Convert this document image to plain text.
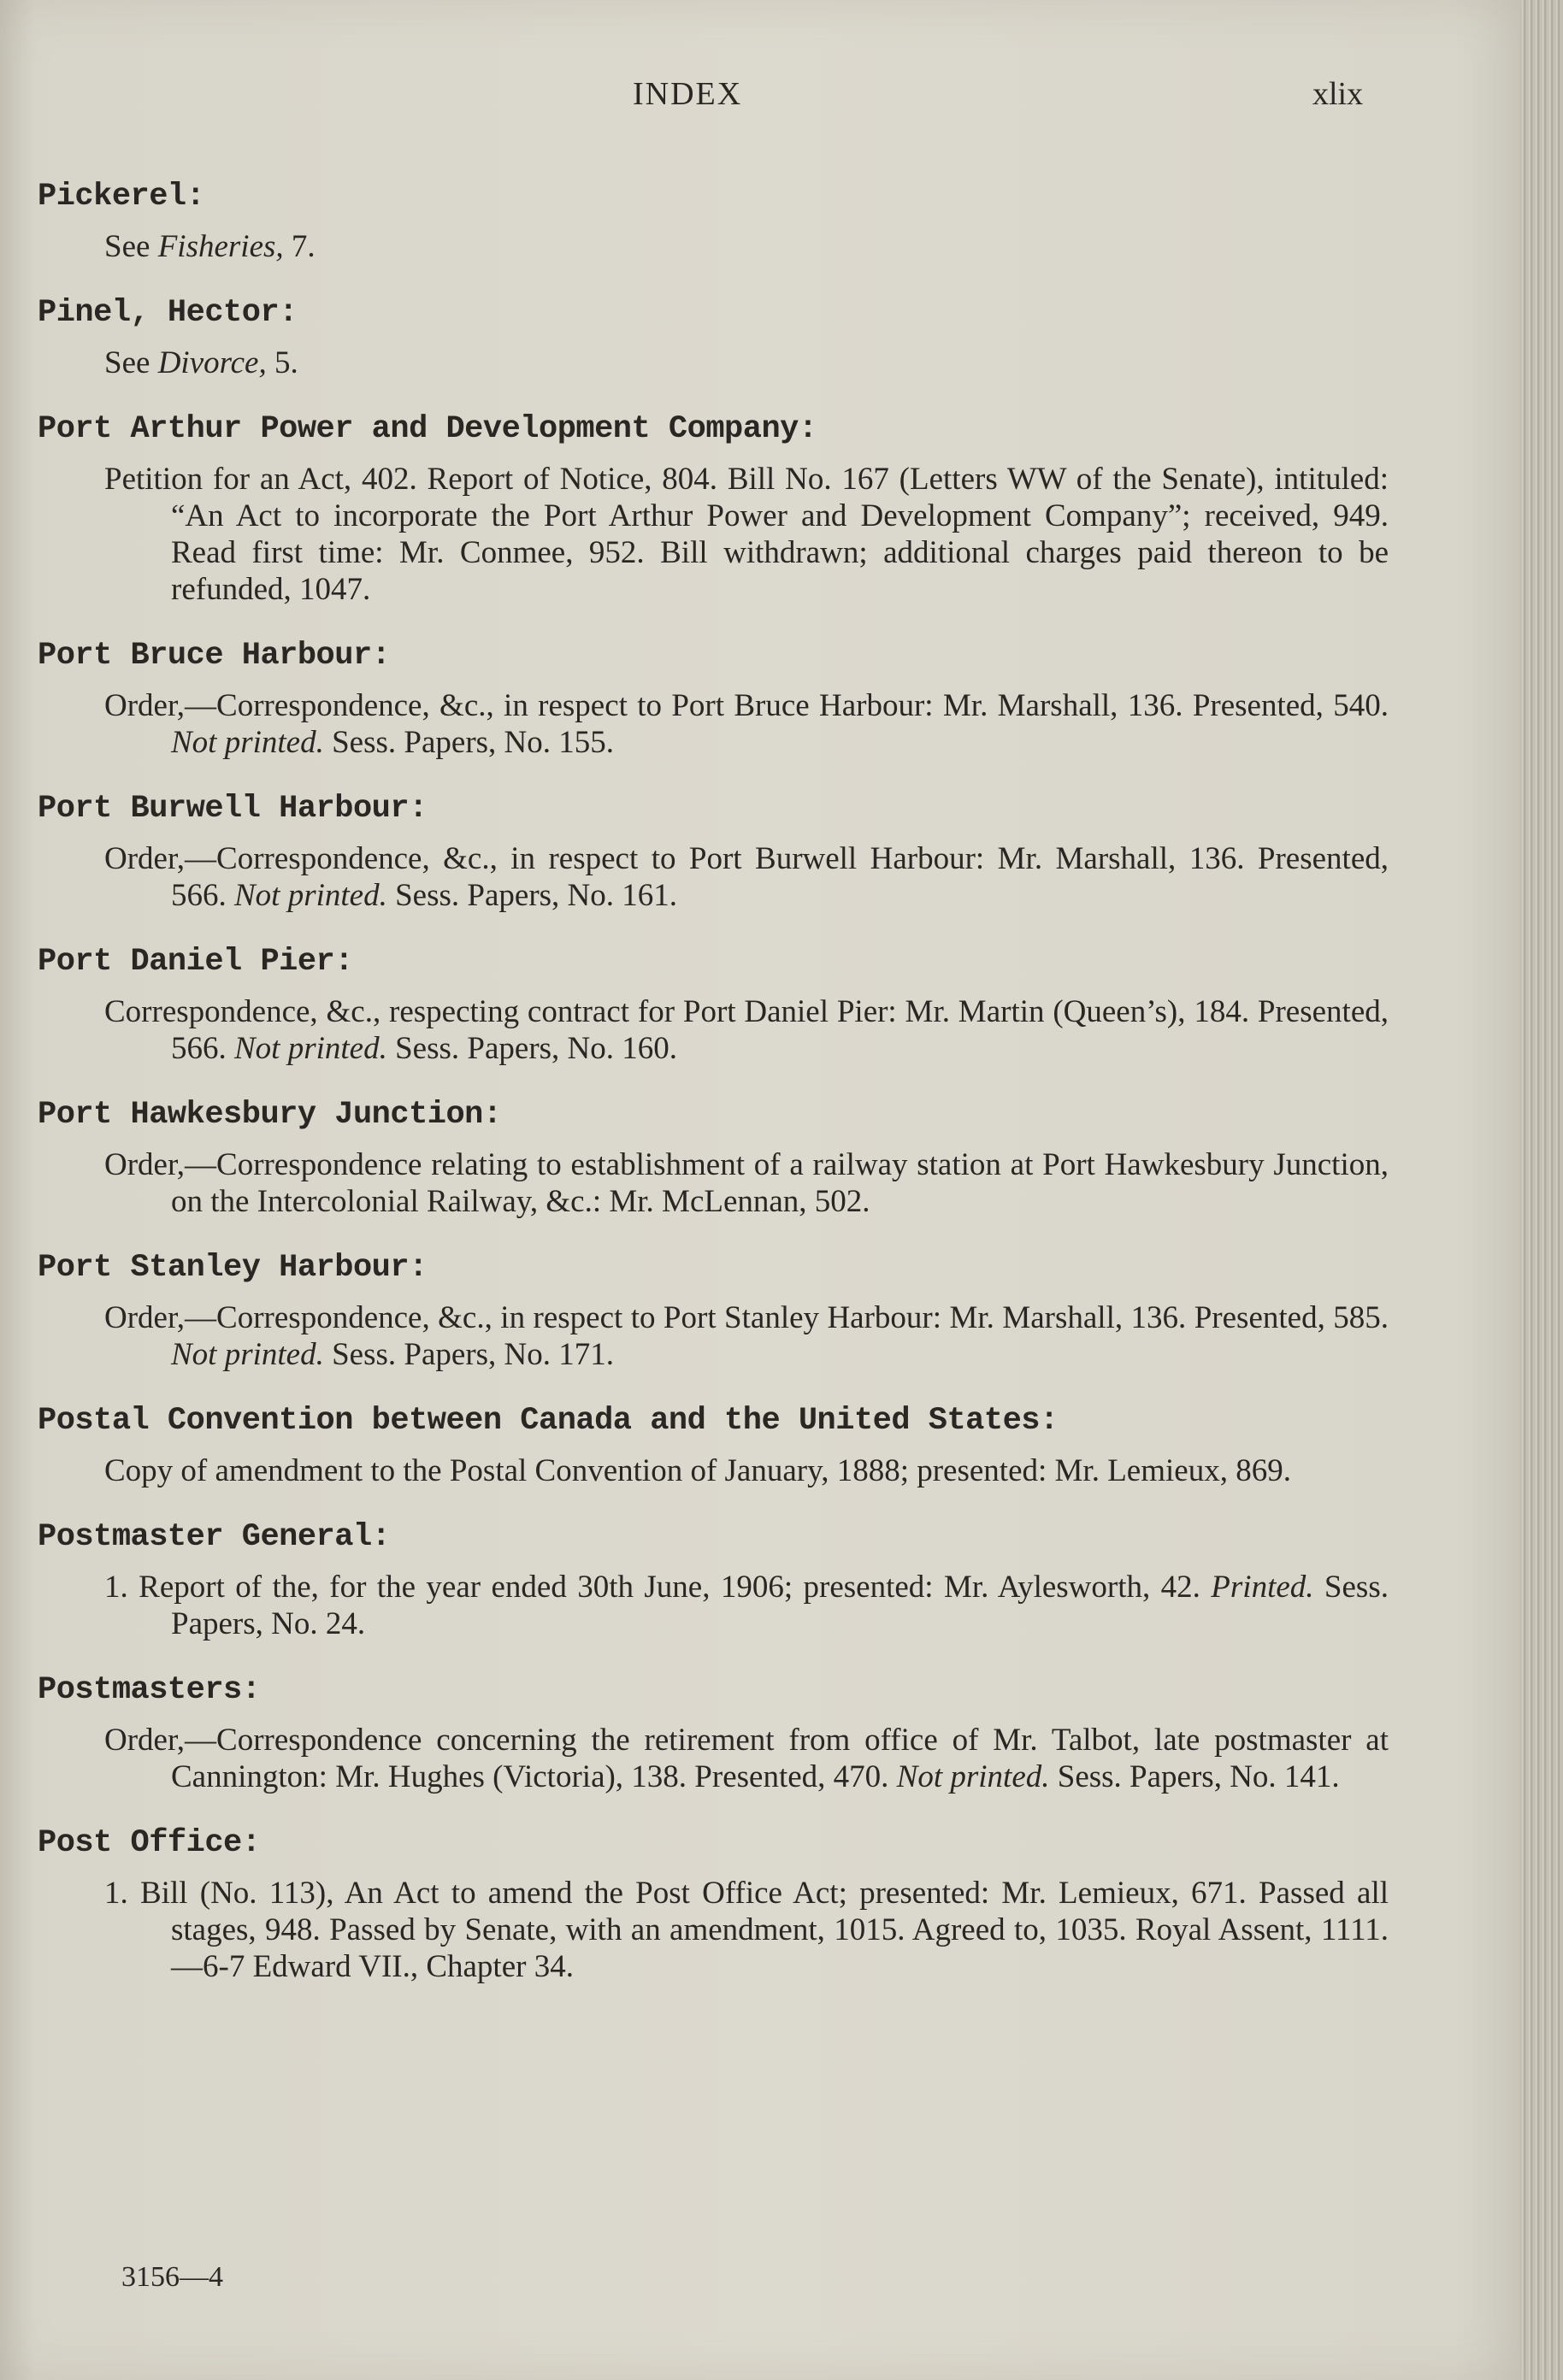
INDEX	xlix

Pickerel:

See Fisheries, 7.

Pinel, Hector:

See Divorce, 5.

Port Arthur Power and Development Company:

Petition for an Act, 402. Report of Notice, 804. Bill No. 167 (Letters WW of the Senate), intituled: “An Act to incorporate the Port Arthur Power and Development Company”; received, 949. Read first time: Mr. Conmee, 952. Bill withdrawn; additional charges paid thereon to be refunded, 1047.

Port Bruce Harbour:

Order,—Correspondence, &c., in respect to Port Bruce Harbour: Mr. Marshall, 136. Presented, 540. Not printed. Sess. Papers, No. 155.

Port Burwell Harbour:

Order,—Correspondence, &c., in respect to Port Burwell Harbour: Mr. Marshall, 136. Presented, 566. Not printed. Sess. Papers, No. 161.

Port Daniel Pier:

Correspondence, &c., respecting contract for Port Daniel Pier: Mr. Martin (Queen’s), 184. Presented, 566. Not printed. Sess. Papers, No. 160.

Port Hawkesbury Junction:

Order,—Correspondence relating to establishment of a railway station at Port Hawkesbury Junction, on the Intercolonial Railway, &c.: Mr. McLennan, 502.

Port Stanley Harbour:

Order,—Correspondence, &c., in respect to Port Stanley Harbour: Mr. Marshall, 136. Presented, 585. Not printed. Sess. Papers, No. 171.

Postal Convention between Canada and the United States:

Copy of amendment to the Postal Convention of January, 1888; presented: Mr. Lemieux, 869.

Postmaster General:

1. Report of the, for the year ended 30th June, 1906; presented: Mr. Aylesworth, 42. Printed. Sess. Papers, No. 24.

Postmasters:

Order,—Correspondence concerning the retirement from office of Mr. Talbot, late postmaster at Cannington: Mr. Hughes (Victoria), 138. Presented, 470. Not printed. Sess. Papers, No. 141.

Post Office:

1. Bill (No. 113), An Act to amend the Post Office Act; presented: Mr. Lemieux, 671. Passed all stages, 948. Passed by Senate, with an amendment, 1015. Agreed to, 1035. Royal Assent, 1111.—6-7 Edward VII., Chapter 34.

3156—4
